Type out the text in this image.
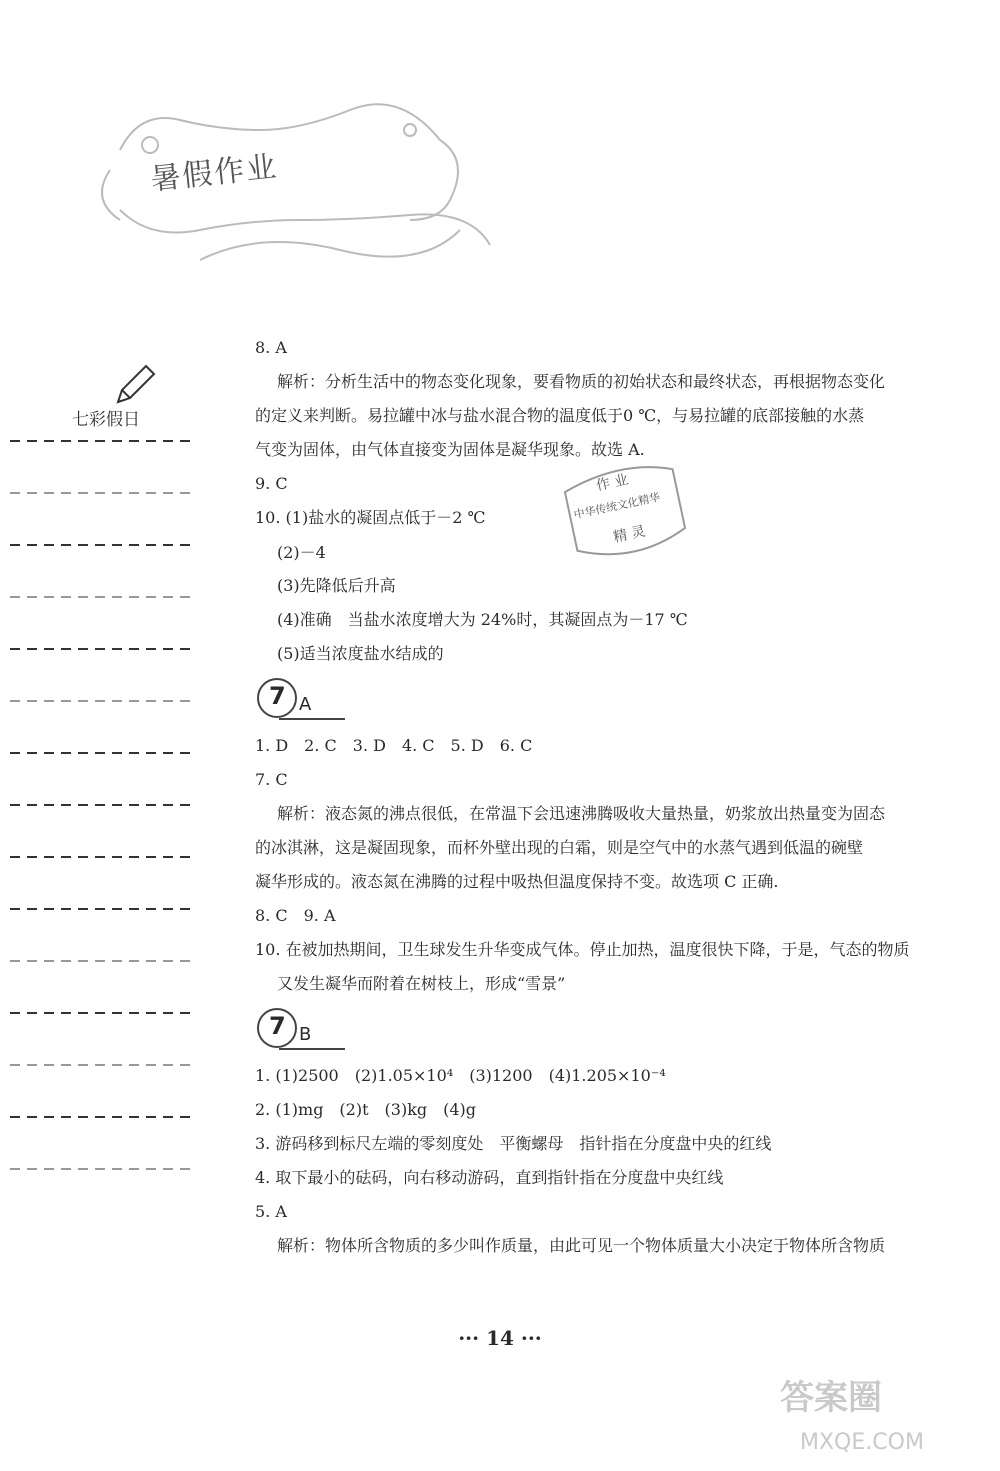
暑假作业
七彩假日
8. A
解析：分析生活中的物态变化现象，要看物质的初始状态和最终状态，再根据物态变化
的定义来判断。易拉罐中冰与盐水混合物的温度低于0 ℃，与易拉罐的底部接触的水蒸
气变为固体，由气体直接变为固体是凝华现象。故选 A.
9. C
10. (1)盐水的凝固点低于－2 ℃
(2)－4
(3)先降低后升高
(4)准确　当盐水浓度增大为 24%时，其凝固点为－17 ℃
(5)适当浓度盐水结成的
7 A
1. D　2. C　3. D　4. C　5. D　6. C
7. C
解析：液态氮的沸点很低，在常温下会迅速沸腾吸收大量热量，奶浆放出热量变为固态
的冰淇淋，这是凝固现象，而杯外壁出现的白霜，则是空气中的水蒸气遇到低温的碗壁
凝华形成的。液态氮在沸腾的过程中吸热但温度保持不变。故选项 C 正确.
8. C　9. A
10. 在被加热期间，卫生球发生升华变成气体。停止加热，温度很快下降，于是，气态的物质
又发生凝华而附着在树枝上，形成“雪景”
7 B
1. (1)2500　(2)1.05×10⁴　(3)1200　(4)1.205×10⁻⁴
2. (1)mg　(2)t　(3)kg　(4)g
3. 游码移到标尺左端的零刻度处　平衡螺母　指针指在分度盘中央的红线
4. 取下最小的砝码，向右移动游码，直到指针指在分度盘中央红线
5. A
解析：物体所含物质的多少叫作质量，由此可见一个物体质量大小决定于物体所含物质
作 业
中华传统文化精华
精 灵
··· 14 ···
答案圈
MXQE.COM
